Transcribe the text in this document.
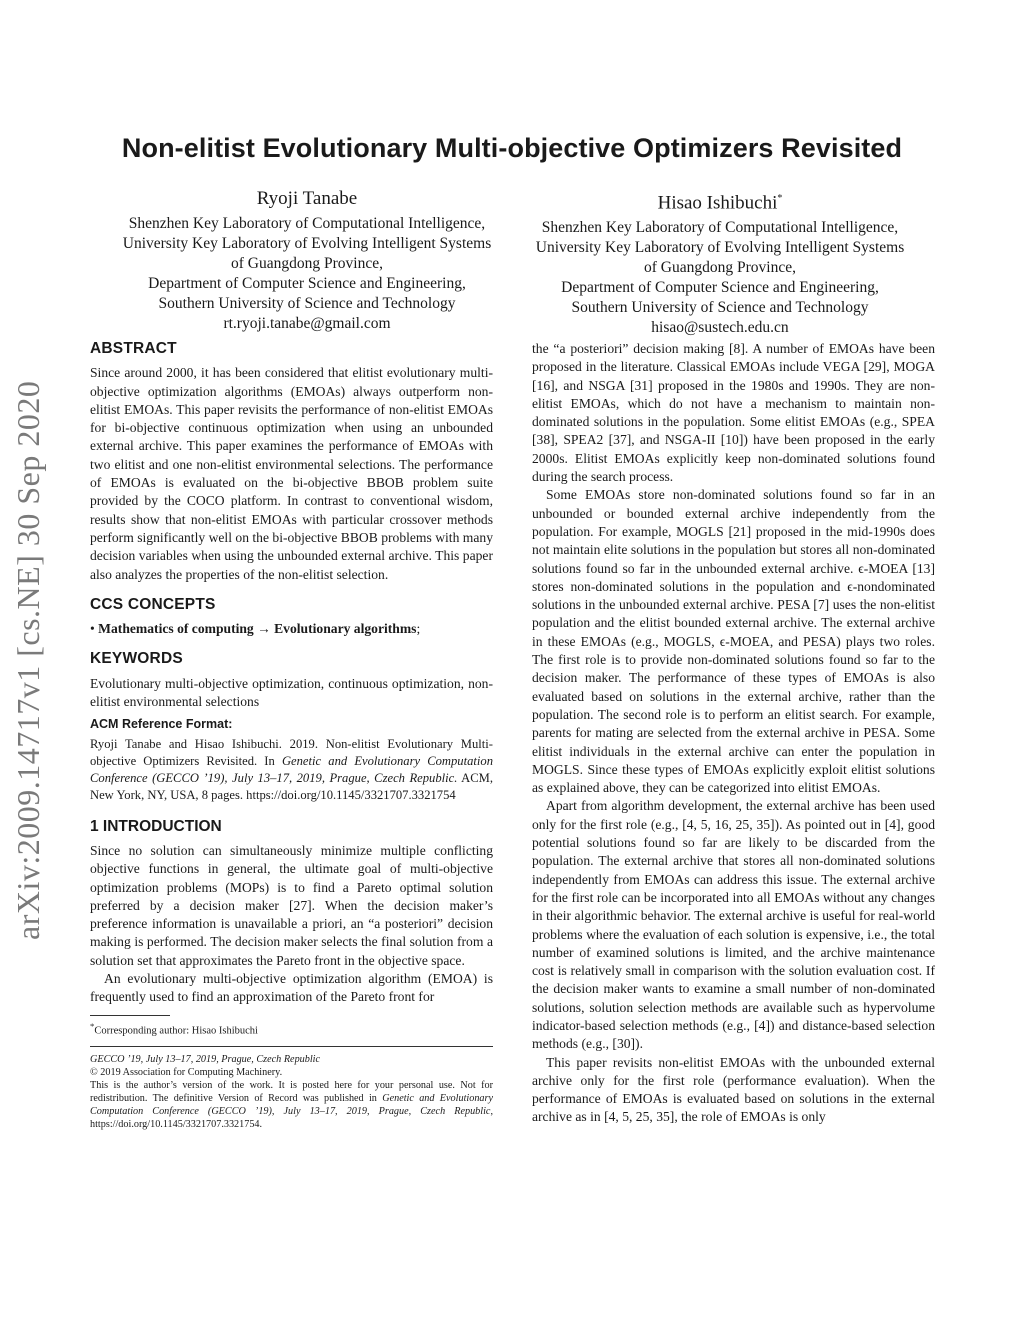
arXiv:2009.14717v1 [cs.NE] 30 Sep 2020
Non-elitist Evolutionary Multi-objective Optimizers Revisited
Ryoji Tanabe
Shenzhen Key Laboratory of Computational Intelligence,
University Key Laboratory of Evolving Intelligent Systems
of Guangdong Province,
Department of Computer Science and Engineering,
Southern University of Science and Technology
rt.ryoji.tanabe@gmail.com
Hisao Ishibuchi*
Shenzhen Key Laboratory of Computational Intelligence,
University Key Laboratory of Evolving Intelligent Systems
of Guangdong Province,
Department of Computer Science and Engineering,
Southern University of Science and Technology
hisao@sustech.edu.cn
ABSTRACT

Since around 2000, it has been considered that elitist evolutionary multi-objective optimization algorithms (EMOAs) always outperform non-elitist EMOAs. This paper revisits the performance of non-elitist EMOAs for bi-objective continuous optimization when using an unbounded external archive. This paper examines the performance of EMOAs with two elitist and one non-elitist environmental selections. The performance of EMOAs is evaluated on the bi-objective BBOB problem suite provided by the COCO platform. In contrast to conventional wisdom, results show that non-elitist EMOAs with particular crossover methods perform significantly well on the bi-objective BBOB problems with many decision variables when using the unbounded external archive. This paper also analyzes the properties of the non-elitist selection.

CCS CONCEPTS

• Mathematics of computing → Evolutionary algorithms;

KEYWORDS

Evolutionary multi-objective optimization, continuous optimization, non-elitist environmental selections

ACM Reference Format:

Ryoji Tanabe and Hisao Ishibuchi. 2019. Non-elitist Evolutionary Multi-objective Optimizers Revisited. In Genetic and Evolutionary Computation Conference (GECCO ’19), July 13–17, 2019, Prague, Czech Republic. ACM, New York, NY, USA, 8 pages. https://doi.org/10.1145/3321707.3321754

1 INTRODUCTION

Since no solution can simultaneously minimize multiple conflicting objective functions in general, the ultimate goal of multi-objective optimization problems (MOPs) is to find a Pareto optimal solution preferred by a decision maker [27]. When the decision maker’s preference information is unavailable a priori, an “a posteriori” decision making is performed. The decision maker selects the final solution from a solution set that approximates the Pareto front in the objective space.

An evolutionary multi-objective optimization algorithm (EMOA) is frequently used to find an approximation of the Pareto front for

*Corresponding author: Hisao Ishibuchi
GECCO ’19, July 13–17, 2019, Prague, Czech Republic
© 2019 Association for Computing Machinery.
This is the author’s version of the work. It is posted here for your personal use. Not for redistribution. The definitive Version of Record was published in Genetic and Evolutionary Computation Conference (GECCO ’19), July 13–17, 2019, Prague, Czech Republic, https://doi.org/10.1145/3321707.3321754.

the “a posteriori” decision making [8]. A number of EMOAs have been proposed in the literature. Classical EMOAs include VEGA [29], MOGA [16], and NSGA [31] proposed in the 1980s and 1990s. They are non-elitist EMOAs, which do not have a mechanism to maintain non-dominated solutions in the population. Some elitist EMOAs (e.g., SPEA [38], SPEA2 [37], and NSGA-II [10]) have been proposed in the early 2000s. Elitist EMOAs explicitly keep non-dominated solutions found during the search process.

Some EMOAs store non-dominated solutions found so far in an unbounded or bounded external archive independently from the population. For example, MOGLS [21] proposed in the mid-1990s does not maintain elite solutions in the population but stores all non-dominated solutions found so far in the unbounded external archive. ϵ-MOEA [13] stores non-dominated solutions in the population and ϵ-nondominated solutions in the unbounded external archive. PESA [7] uses the non-elitist population and the elitist bounded external archive. The external archive in these EMOAs (e.g., MOGLS, ϵ-MOEA, and PESA) plays two roles. The first role is to provide non-dominated solutions found so far to the decision maker. The performance of these types of EMOAs is also evaluated based on solutions in the external archive, rather than the population. The second role is to perform an elitist search. For example, parents for mating are selected from the external archive in PESA. Some elitist individuals in the external archive can enter the population in MOGLS. Since these types of EMOAs explicitly exploit elitist solutions as explained above, they can be categorized into elitist EMOAs.

Apart from algorithm development, the external archive has been used only for the first role (e.g., [4, 5, 16, 25, 35]). As pointed out in [4], good potential solutions found so far are likely to be discarded from the population. The external archive that stores all non-dominated solutions independently from EMOAs can address this issue. The external archive for the first role can be incorporated into all EMOAs without any changes in their algorithmic behavior. The external archive is useful for real-world problems where the evaluation of each solution is expensive, i.e., the total number of examined solutions is limited, and the archive maintenance cost is relatively small in comparison with the solution evaluation cost. If the decision maker wants to examine a small number of non-dominated solutions, solution selection methods are available such as hypervolume indicator-based selection methods (e.g., [4]) and distance-based selection methods (e.g., [30]).

This paper revisits non-elitist EMOAs with the unbounded external archive only for the first role (performance evaluation). When the performance of EMOAs is evaluated based on solutions in the external archive as in [4, 5, 25, 35], the role of EMOAs is only
